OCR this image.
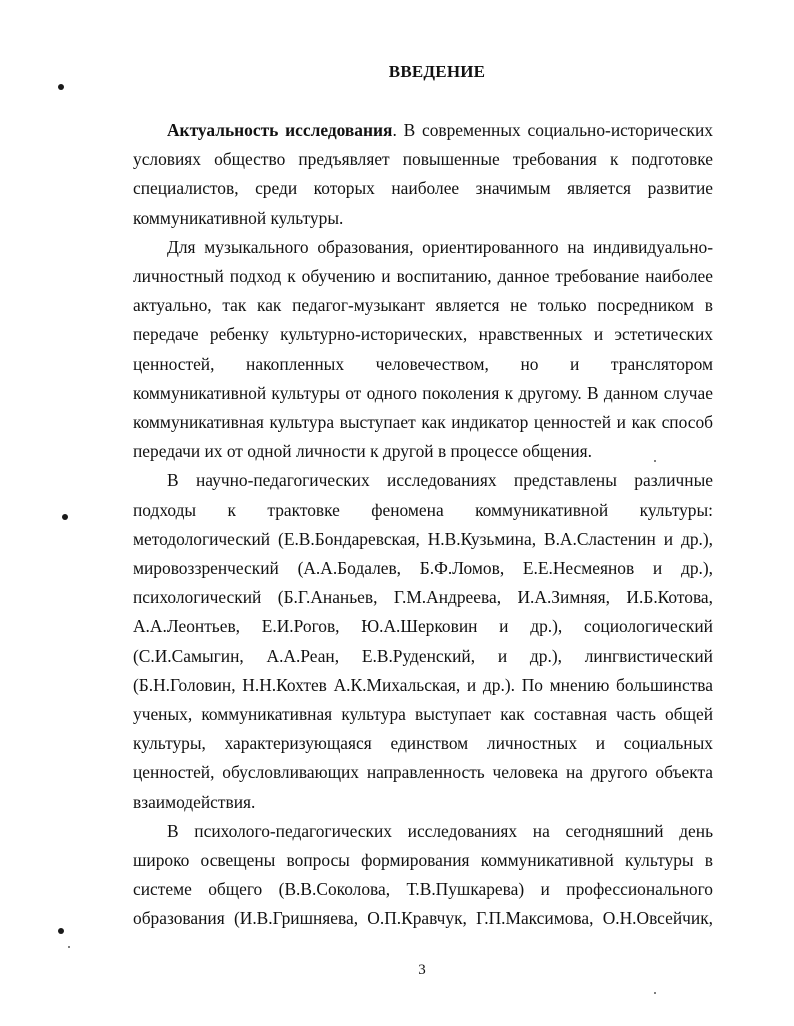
ВВЕДЕНИЕ

Актуальность исследования. В современных социально-исторических условиях общество предъявляет повышенные требования к подготовке специалистов, среди которых наиболее значимым является развитие коммуникативной культуры.

Для музыкального образования, ориентированного на индивидуально-личностный подход к обучению и воспитанию, данное требование наиболее актуально, так как педагог-музыкант является не только посредником в передаче ребенку культурно-исторических, нравственных и эстетических ценностей, накопленных человечеством, но и транслятором коммуникативной культуры от одного поколения к другому. В данном случае коммуникативная культура выступает как индикатор ценностей и как способ передачи их от одной личности к другой в процессе общения.

В научно-педагогических исследованиях представлены различные подходы к трактовке феномена коммуникативной культуры: методологический (Е.В.Бондаревская, Н.В.Кузьмина, В.А.Сластенин и др.), мировоззренческий (А.А.Бодалев, Б.Ф.Ломов, Е.Е.Несмеянов и др.), психологический (Б.Г.Ананьев, Г.М.Андреева, И.А.Зимняя, И.Б.Котова, А.А.Леонтьев, Е.И.Рогов, Ю.А.Шерковин и др.), социологический (С.И.Самыгин, А.А.Реан, Е.В.Руденский, и др.), лингвистический (Б.Н.Головин, Н.Н.Кохтев А.К.Михальская, и др.). По мнению большинства ученых, коммуникативная культура выступает как составная часть общей культуры, характеризующаяся единством личностных и социальных ценностей, обусловливающих направленность человека на другого объекта взаимодействия.

В психолого-педагогических исследованиях на сегодняшний день широко освещены вопросы формирования коммуникативной культуры в системе общего (В.В.Соколова, Т.В.Пушкарева) и профессионального образования (И.В.Гришняева, О.П.Кравчук, Г.П.Максимова, О.Н.Овсейчик,

3
